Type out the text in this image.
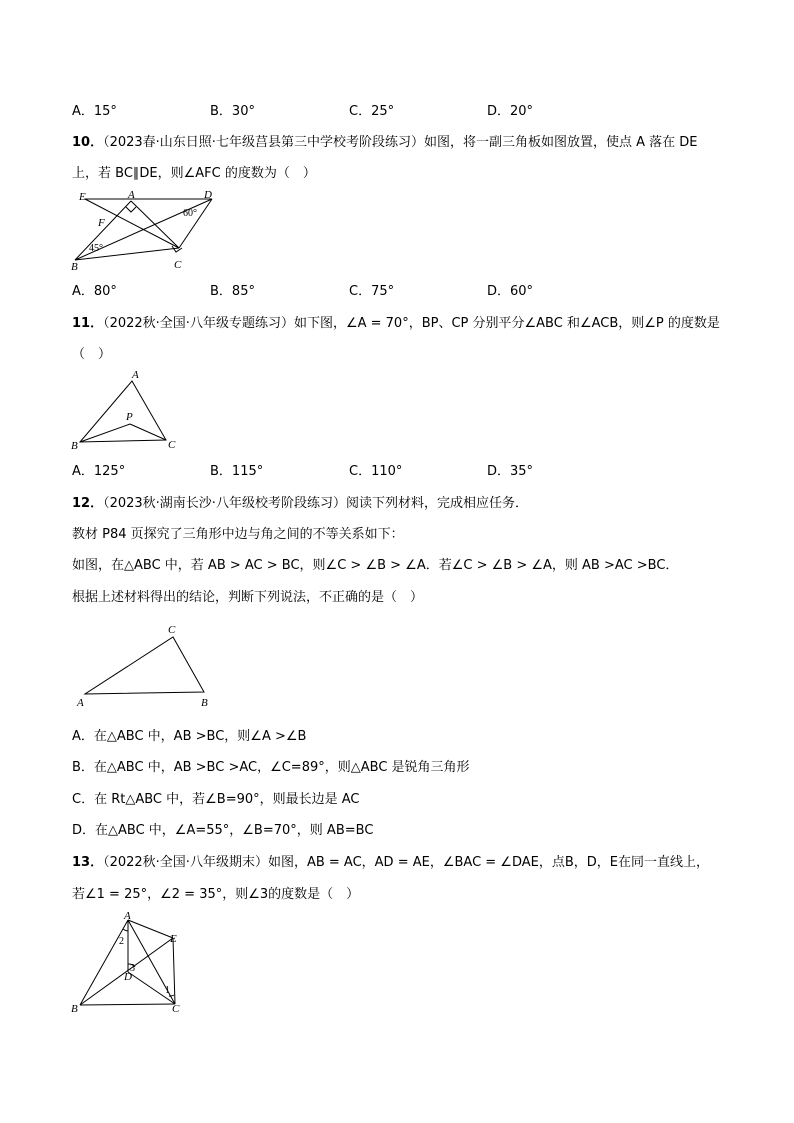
A．15°	B．30°	C．25°	D．20°
10．（2023春·山东日照·七年级莒县第三中学校考阶段练习）如图，将一副三角板如图放置，使点 A 落在 DE
上，若 BC∥DE，则∠AFC 的度数为（　）
E	A	D
60°
F
45°
B	C
A．80°	B．85°	C．75°	D．60°
11．（2022秋·全国·八年级专题练习）如下图，∠A = 70°，BP、CP 分别平分∠ABC 和∠ACB，则∠P 的度数是
（　）
A
P
B	C
A．125°	B．115°	C．110°	D．35°
12．（2023秋·湖南长沙·八年级校考阶段练习）阅读下列材料，完成相应任务．
教材 P84 页探究了三角形中边与角之间的不等关系如下：
如图，在△ABC 中，若 AB > AC > BC，则∠C > ∠B > ∠A．若∠C > ∠B > ∠A，则 AB >AC >BC．
根据上述材料得出的结论，判断下列说法，不正确的是（　）
C
A	B
A．在△ABC 中，AB >BC，则∠A >∠B
B．在△ABC 中，AB >BC >AC，∠C=89°，则△ABC 是锐角三角形
C．在 Rt△ABC 中，若∠B=90°，则最长边是 AC
D．在△ABC 中，∠A=55°，∠B=70°，则 AB=BC
13．（2022秋·全国·八年级期末）如图，AB = AC，AD = AE，∠BAC = ∠DAE，点B，D，E在同一直线上，
若∠1 = 25°，∠2 = 35°，则∠3的度数是（　）
A
E
2
3
D
1
B	C
